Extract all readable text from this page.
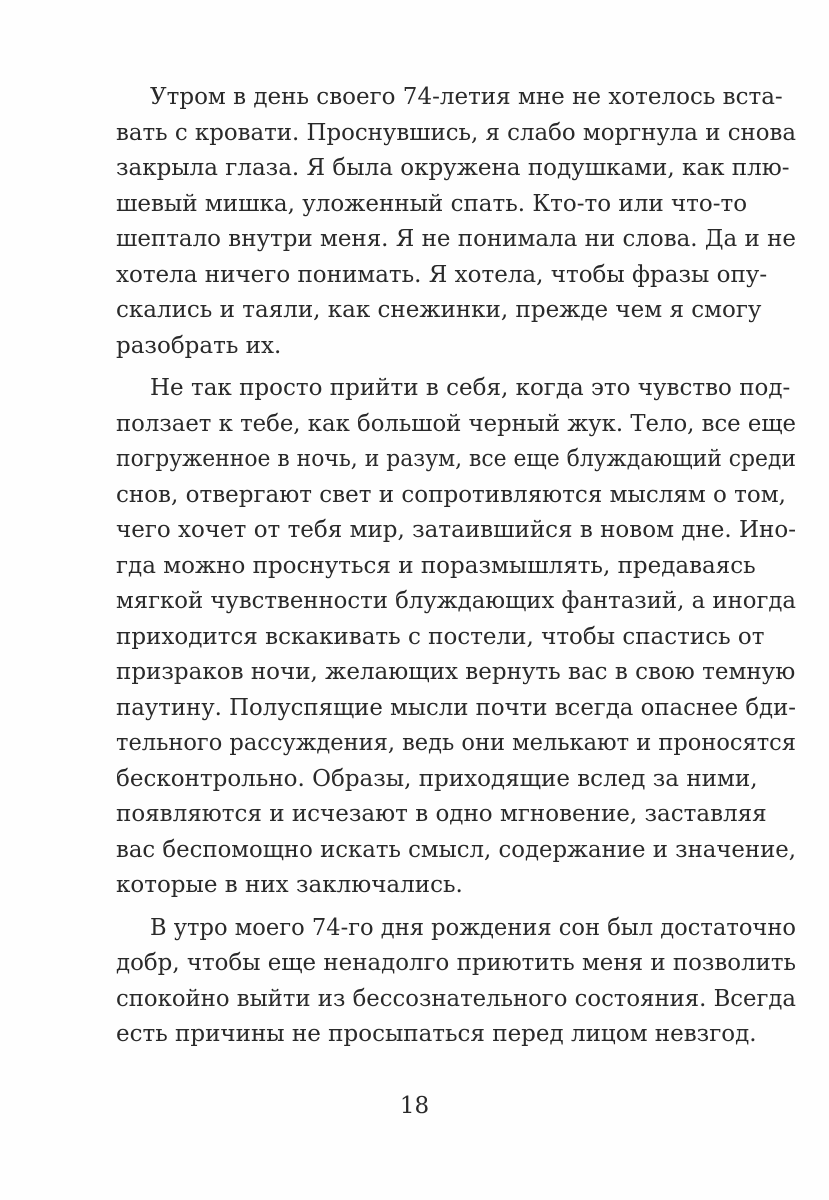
Утром в день своего 74-летия мне не хотелось вста-
вать с кровати. Проснувшись, я слабо моргнула и снова
закрыла глаза. Я была окружена подушками, как плю-
шевый мишка, уложенный спать. Кто-то или что-то
шептало внутри меня. Я не понимала ни слова. Да и не
хотела ничего понимать. Я хотела, чтобы фразы опу-
скались и таяли, как снежинки, прежде чем я смогу
разобрать их.
Не так просто прийти в себя, когда это чувство под-
ползает к тебе, как большой черный жук. Тело, все еще
погруженное в ночь, и разум, все еще блуждающий среди
снов, отвергают свет и сопротивляются мыслям о том,
чего хочет от тебя мир, затаившийся в новом дне. Ино-
гда можно проснуться и поразмышлять, предаваясь
мягкой чувственности блуждающих фантазий, а иногда
приходится вскакивать с постели, чтобы спастись от
призраков ночи, желающих вернуть вас в свою темную
паутину. Полуспящие мысли почти всегда опаснее бди-
тельного рассуждения, ведь они мелькают и проносятся
бесконтрольно. Образы, приходящие вслед за ними,
появляются и исчезают в одно мгновение, заставляя
вас беспомощно искать смысл, содержание и значение,
которые в них заключались.
В утро моего 74-го дня рождения сон был достаточно
добр, чтобы еще ненадолго приютить меня и позволить
спокойно выйти из бессознательного состояния. Всегда
есть причины не просыпаться перед лицом невзгод.
18
